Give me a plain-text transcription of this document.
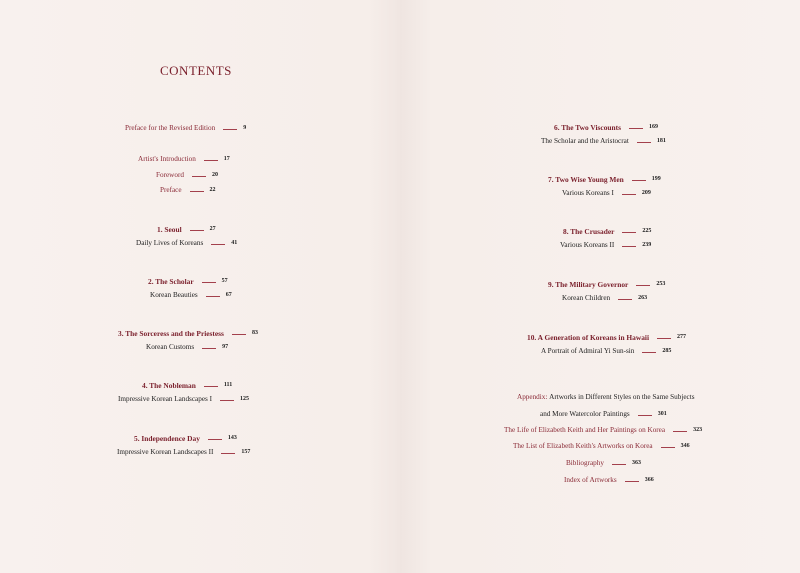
CONTENTS
Preface for the Revised Edition	9
Artist's Introduction	17
Foreword	20
Preface	22
1. Seoul	27
Daily Lives of Koreans	41
2. The Scholar	57
Korean Beauties	67
3. The Sorceress and the Priestess	83
Korean Customs	97
4. The Nobleman	111
Impressive Korean Landscapes I	125
5. Independence Day	143
Impressive Korean Landscapes II	157
6. The Two Viscounts	169
The Scholar and the Aristocrat	181
7. Two Wise Young Men	199
Various Koreans I	209
8. The Crusader	225
Various Koreans II	239
9. The Military Governor	253
Korean Children	263
10. A Generation of Koreans in Hawaii	277
A Portrait of Admiral Yi Sun-sin	285
Appendix:
Artworks in Different Styles on the Same Subjects
and More Watercolor Paintings	301
The Life of Elizabeth Keith and Her Paintings on Korea	323
The List of Elizabeth Keith's Artworks on Korea	346
Bibliography	363
Index of Artworks	366
